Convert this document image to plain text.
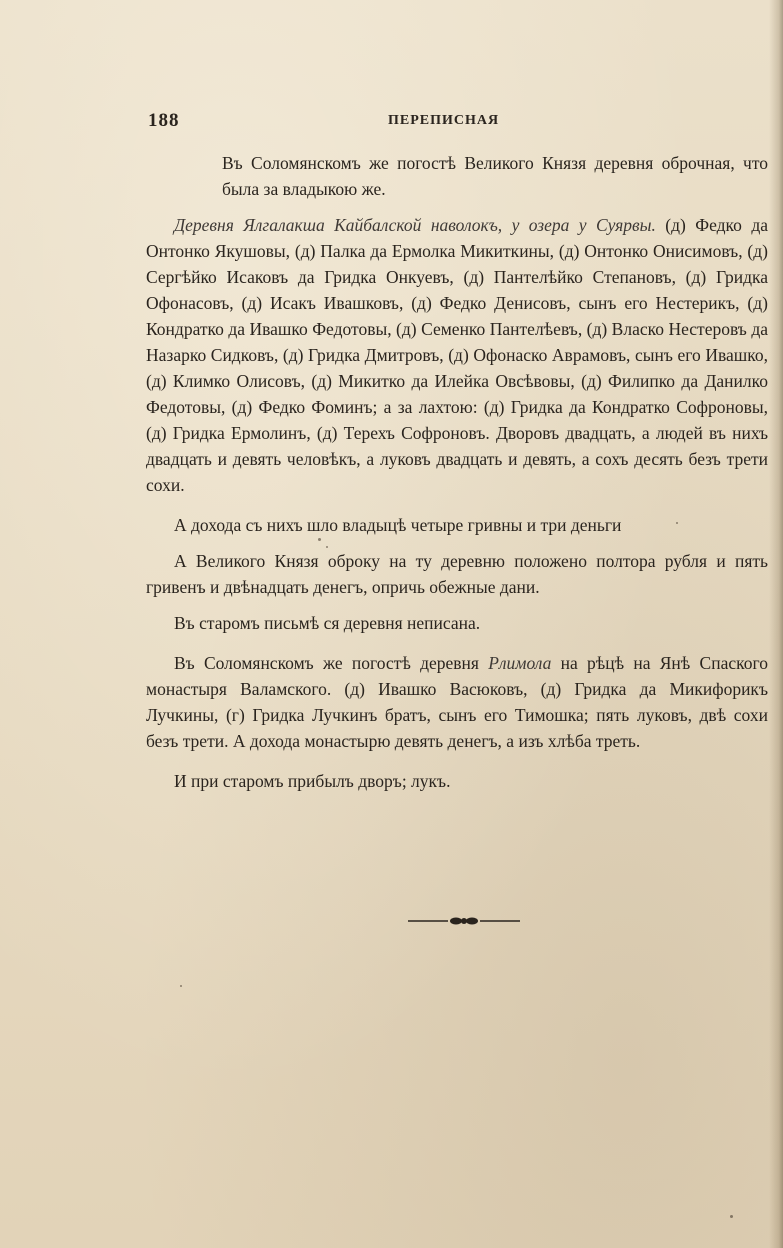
188	ПЕРЕПИСНАЯ

Въ Соломянскомъ же погостѣ Великого Князя деревня оброчная, что была за владыкою же.

Деревня Ялгалакша Кайбалской наволокъ, у озера у Суярвы. (д) Федко да Онтонко Якушовы, (д) Палка да Ермолка Микиткины, (д) Онтонко Онисимовъ, (д) Сергѣйко Исаковъ да Гридка Онкуевъ, (д) Пантелѣйко Степановъ, (д) Гридка Офонасовъ, (д) Исакъ Ивашковъ, (д) Федко Денисовъ, сынъ его Нестерикъ, (д) Кондратко да Ивашко Федотовы, (д) Семенко Пантелѣевъ, (д) Власко Нестеровъ да Назарко Сидковъ, (д) Гридка Дмитровъ, (д) Офонаско Аврамовъ, сынъ его Ивашко, (д) Климко Олисовъ, (д) Микитко да Илейка Овсѣвовы, (д) Филипко да Данилко Федотовы, (д) Федко Фоминъ; а за лахтою: (д) Гридка да Кондратко Софроновы, (д) Гридка Ермолинъ, (д) Терехъ Софроновъ. Дворовъ двадцать, а людей въ нихъ двадцать и девять человѣкъ, а луковъ двадцать и девять, а сохъ десять безъ трети сохи.

А дохода съ нихъ шло владыцѣ четыре гривны и три деньги

А Великого Князя оброку на ту деревню положено полтора рубля и пять гривенъ и двѣнадцать денегъ, опричь обежные дани.

Въ старомъ письмѣ ся деревня неписана.

Въ Соломянскомъ же погостѣ деревня Рлимола на рѣцѣ на Янѣ Спаского монастыря Валамского. (д) Ивашко Васюковъ, (д) Гридка да Микифорикъ Лучкины, (г) Гридка Лучкинъ братъ, сынъ его Тимошка; пять луковъ, двѣ сохи безъ трети. А дохода монастырю девять денегъ, а изъ хлѣба треть.

И при старомъ прибылъ дворъ; лукъ.
